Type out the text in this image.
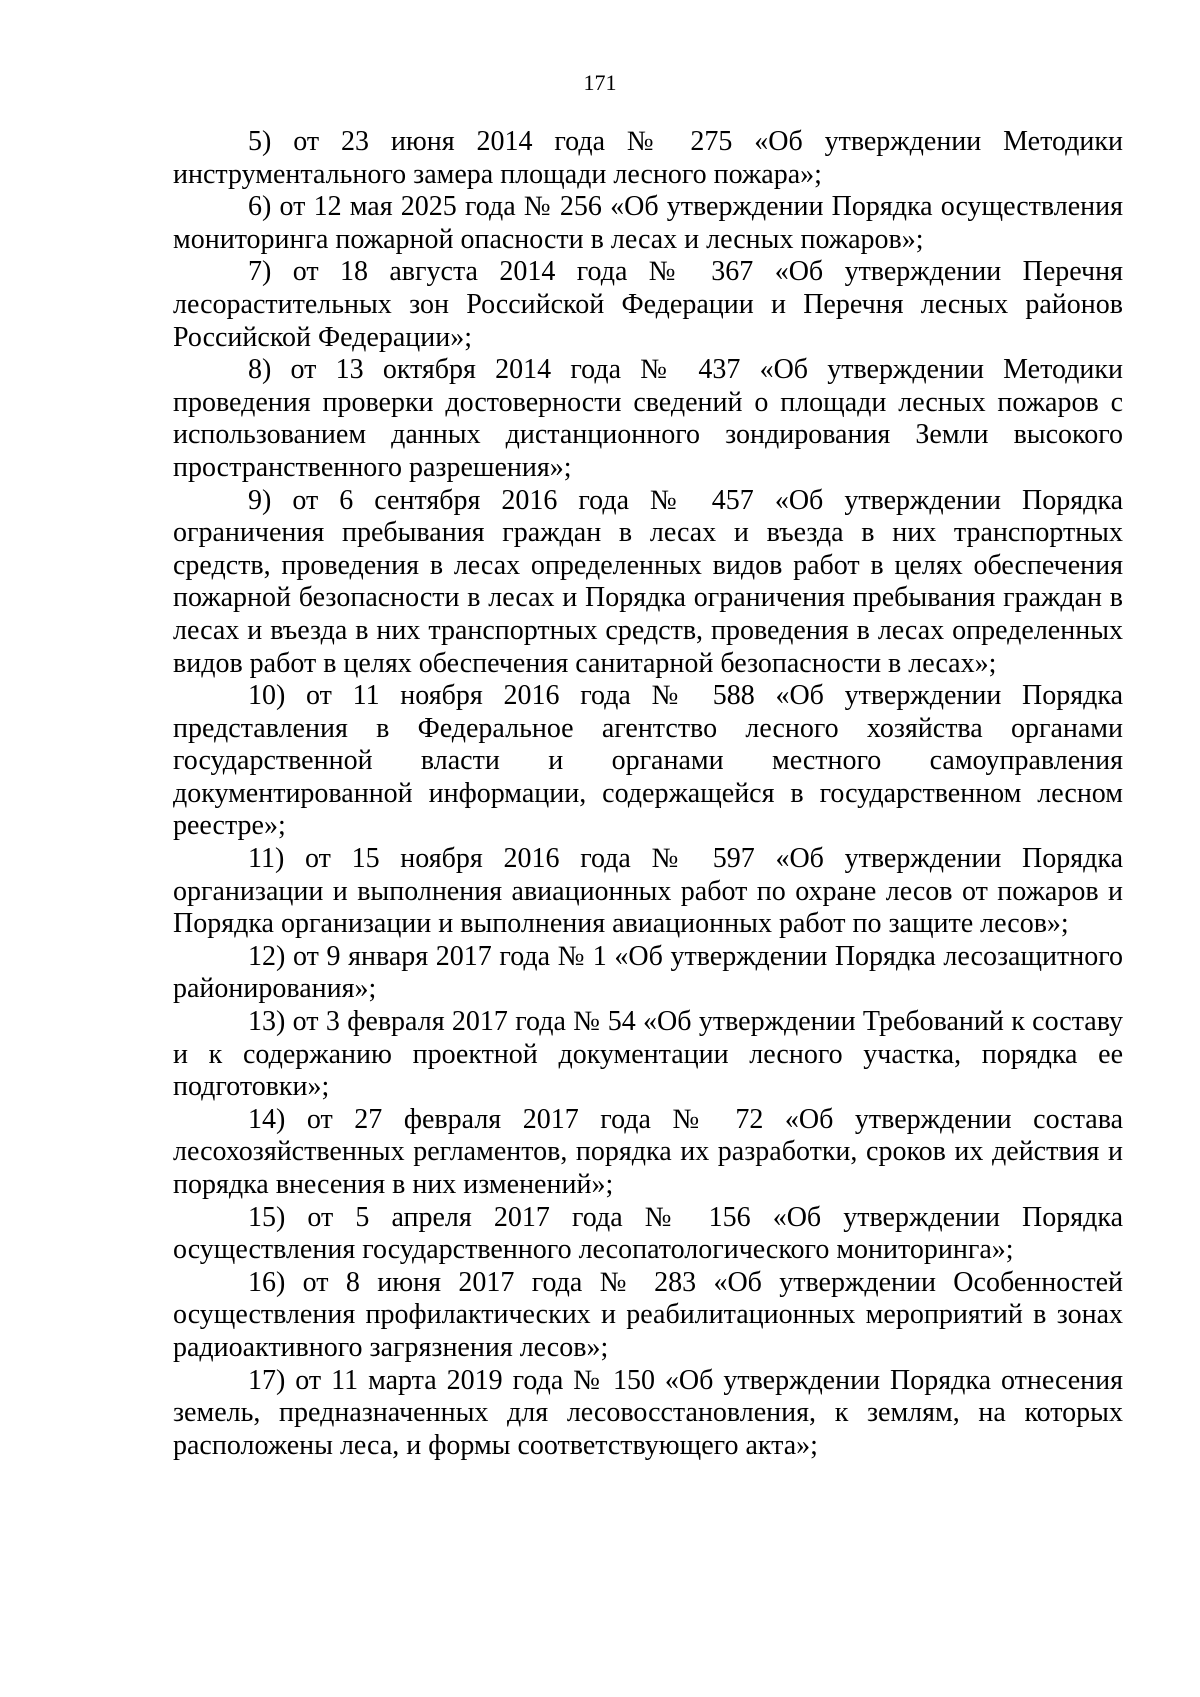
171

5) от 23 июня 2014 года № 275 «Об утверждении Методики инструментального замера площади лесного пожара»;

6) от 12 мая 2025 года № 256 «Об утверждении Порядка осуществления мониторинга пожарной опасности в лесах и лесных пожаров»;

7) от 18 августа 2014 года № 367 «Об утверждении Перечня лесорастительных зон Российской Федерации и Перечня лесных районов Российской Федерации»;

8) от 13 октября 2014 года № 437 «Об утверждении Методики проведения проверки достоверности сведений о площади лесных пожаров с использованием данных дистанционного зондирования Земли высокого пространственного разрешения»;

9) от 6 сентября 2016 года № 457 «Об утверждении Порядка ограничения пребывания граждан в лесах и въезда в них транспортных средств, проведения в лесах определенных видов работ в целях обеспечения пожарной безопасности в лесах и Порядка ограничения пребывания граждан в лесах и въезда в них транспортных средств, проведения в лесах определенных видов работ в целях обеспечения санитарной безопасности в лесах»;

10) от 11 ноября 2016 года № 588 «Об утверждении Порядка представления в Федеральное агентство лесного хозяйства органами государственной власти и органами местного самоуправления документированной информации, содержащейся в государственном лесном реестре»;

11) от 15 ноября 2016 года № 597 «Об утверждении Порядка организации и выполнения авиационных работ по охране лесов от пожаров и Порядка организации и выполнения авиационных работ по защите лесов»;

12) от 9 января 2017 года № 1 «Об утверждении Порядка лесозащитного районирования»;

13) от 3 февраля 2017 года № 54 «Об утверждении Требований к составу и к содержанию проектной документации лесного участка, порядка ее подготовки»;

14) от 27 февраля 2017 года № 72 «Об утверждении состава лесохозяйственных регламентов, порядка их разработки, сроков их действия и порядка внесения в них изменений»;

15) от 5 апреля 2017 года № 156 «Об утверждении Порядка осуществления государственного лесопатологического мониторинга»;

16) от 8 июня 2017 года № 283 «Об утверждении Особенностей осуществления профилактических и реабилитационных мероприятий в зонах радиоактивного загрязнения лесов»;

17) от 11 марта 2019 года № 150 «Об утверждении Порядка отнесения земель, предназначенных для лесовосстановления, к землям, на которых расположены леса, и формы соответствующего акта»;
